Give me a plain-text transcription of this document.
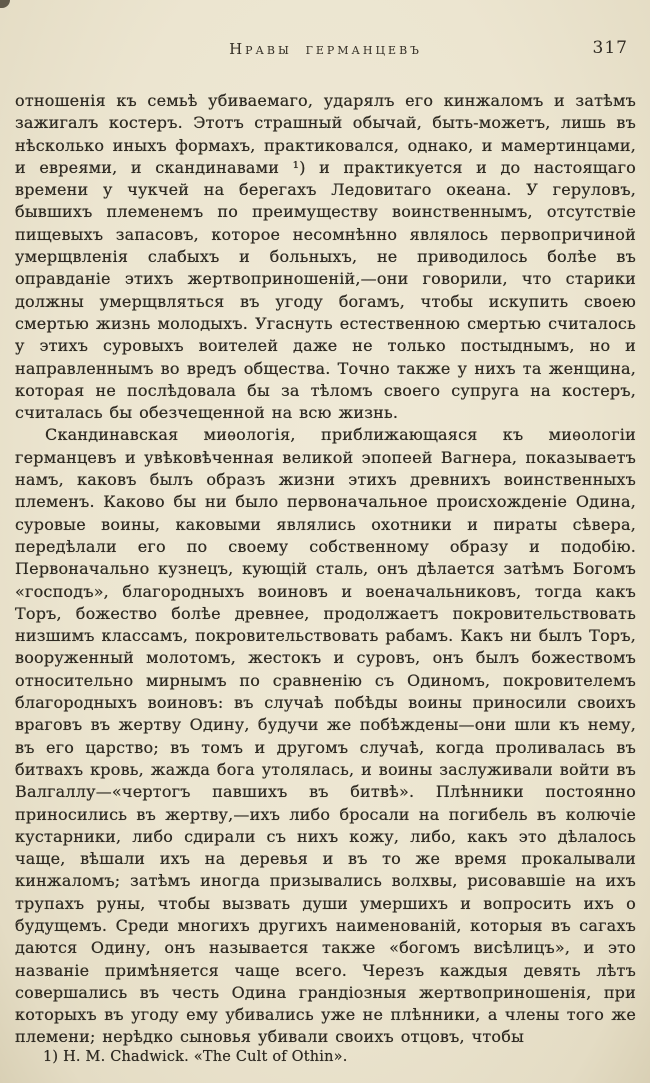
Нравы германцевъ	317

отношенія къ семьѣ убиваемаго, ударялъ его кинжаломъ и затѣмъ зажигалъ костеръ. Этотъ страшный обычай, быть-можетъ, лишь въ нѣсколько иныхъ формахъ, практиковался, однако, и мамертинцами, и евреями, и скандинавами ¹) и практикуется и до настоящаго времени у чукчей на берегахъ Ледовитаго океана. У геруловъ, бывшихъ племенемъ по преимуществу воинственнымъ, отсутствіе пищевыхъ запасовъ, которое несомнѣнно являлось первопричиной умерщвленія слабыхъ и больныхъ, не приводилось болѣе въ оправданіе этихъ жертвоприношеній,—они говорили, что старики должны умерщвляться въ угоду богамъ, чтобы искупить своею смертью жизнь молодыхъ. Угаснуть естественною смертью считалось у этихъ суровыхъ воителей даже не только постыднымъ, но и направленнымъ во вредъ общества. Точно также у нихъ та женщина, которая не послѣдовала бы за тѣломъ своего супруга на костеръ, считалась бы обезчещенной на всю жизнь.

Скандинавская миѳологія, приближающаяся къ миѳологіи германцевъ и увѣковѣченная великой эпопеей Вагнера, показываетъ намъ, каковъ былъ образъ жизни этихъ древнихъ воинственныхъ племенъ. Каково бы ни было первоначальное происхожденіе Одина, суровые воины, каковыми являлись охотники и пираты сѣвера, передѣлали его по своему собственному образу и подобію. Первоначально кузнецъ, кующій сталь, онъ дѣлается затѣмъ Богомъ «господъ», благородныхъ воиновъ и военачальниковъ, тогда какъ Торъ, божество болѣе древнее, продолжаетъ покровительствовать низшимъ классамъ, покровительствовать рабамъ. Какъ ни былъ Торъ, вооруженный молотомъ, жестокъ и суровъ, онъ былъ божествомъ относительно мирнымъ по сравненію съ Одиномъ, покровителемъ благородныхъ воиновъ: въ случаѣ побѣды воины приносили своихъ враговъ въ жертву Одину, будучи же побѣждены—они шли къ нему, въ его царство; въ томъ и другомъ случаѣ, когда проливалась въ битвахъ кровь, жажда бога утолялась, и воины заслуживали войти въ Валгаллу—«чертогъ павшихъ въ битвѣ». Плѣнники постоянно приносились въ жертву,—ихъ либо бросали на погибель въ колючіе кустарники, либо сдирали съ нихъ кожу, либо, какъ это дѣлалось чаще, вѣшали ихъ на деревья и въ то же время прокалывали кинжаломъ; затѣмъ иногда призывались волхвы, рисовавшіе на ихъ трупахъ руны, чтобы вызвать души умершихъ и вопросить ихъ о будущемъ. Среди многихъ другихъ наименованій, которыя въ сагахъ даются Одину, онъ называется также «богомъ висѣлицъ», и это названіе примѣняется чаще всего. Черезъ каждыя девять лѣтъ совершались въ честь Одина грандіозныя жертвоприношенія, при которыхъ въ угоду ему убивались уже не плѣнники, а члены того же племени; нерѣдко сыновья убивали своихъ отцовъ, чтобы

1) H. M. Chadwick. «The Cult of Othin».
